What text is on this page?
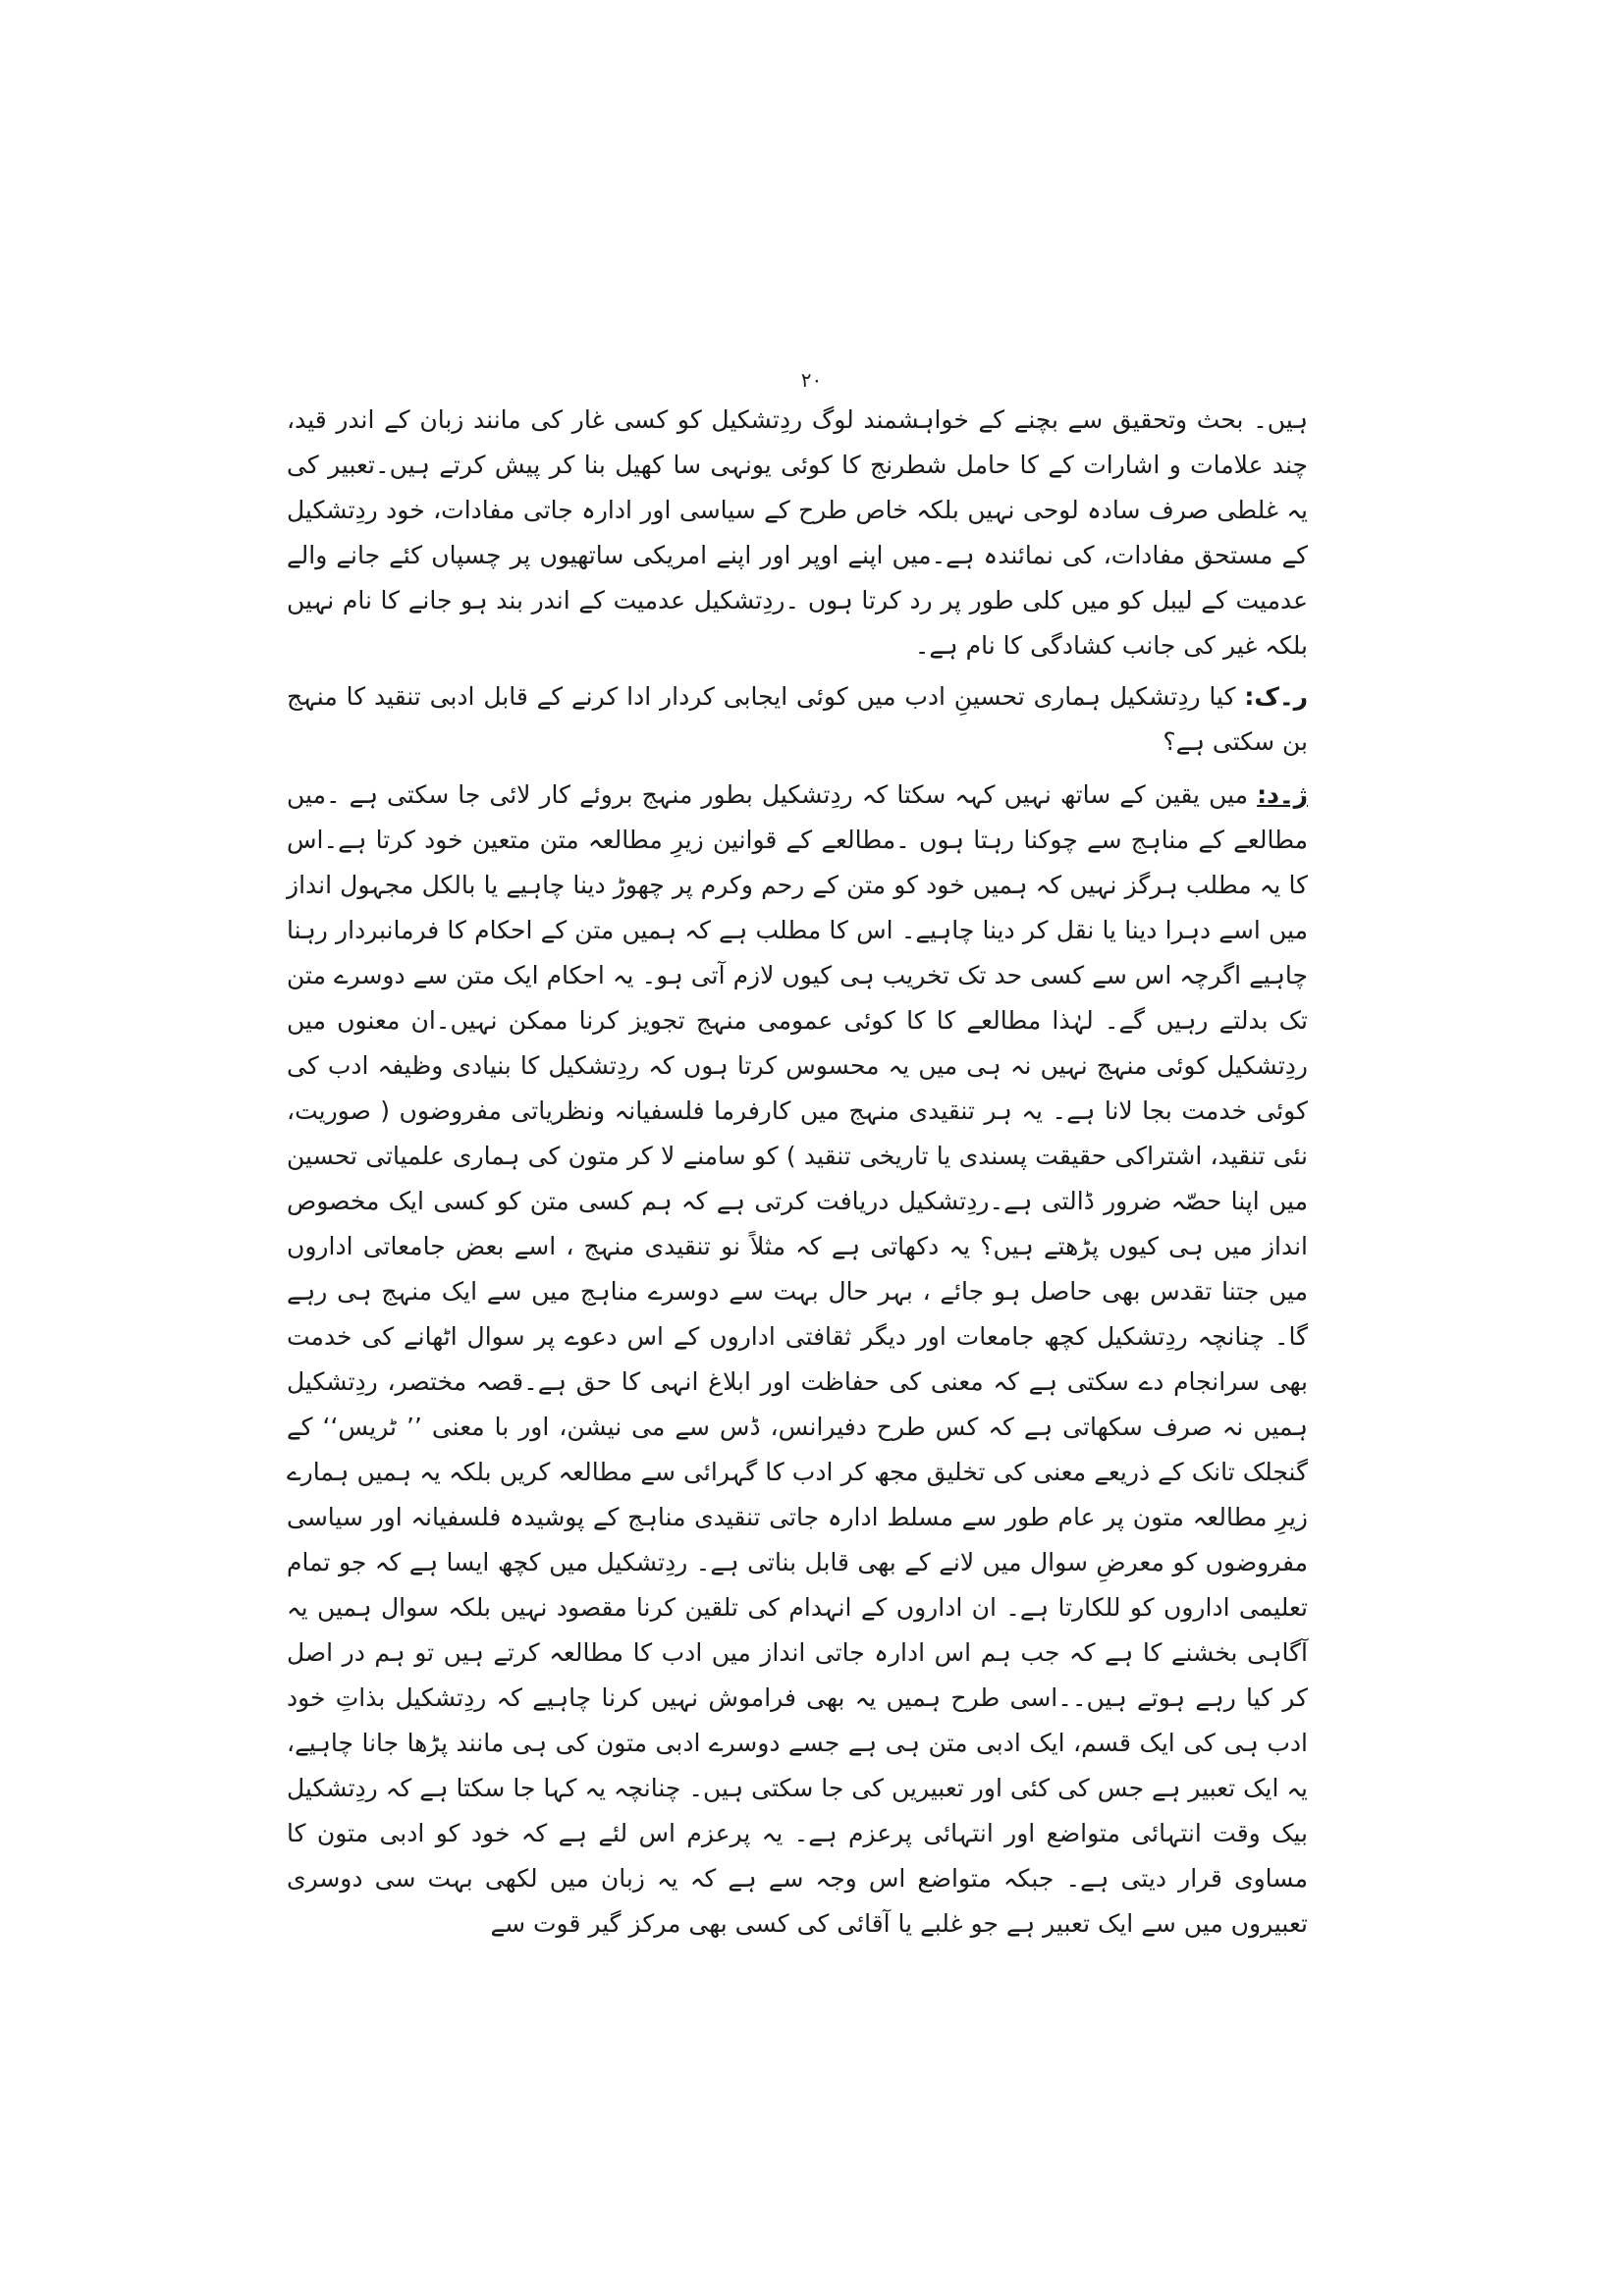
۲۰

ہیں۔ بحث وتحقیق سے بچنے کے خواہشمند لوگ ردِتشکیل کو کسی غار کی مانند زبان کے اندر قید، چند علامات و اشارات کے کا حامل شطرنج کا کوئی یونہی سا کھیل بنا کر پیش کرتے ہیں۔تعبیر کی یہ غلطی صرف سادہ لوحی نہیں بلکہ خاص طرح کے سیاسی اور ادارہ جاتی مفادات، خود ردِتشکیل کے مستحق مفادات، کی نمائندہ ہے۔میں اپنے اوپر اور اپنے امریکی ساتھیوں پر چسپاں کئے جانے والے عدمیت کے لیبل کو میں کلی طور پر رد کرتا ہوں ۔ردِتشکیل عدمیت کے اندر بند ہو جانے کا نام نہیں بلکہ غیر کی جانب کشادگی کا نام ہے۔

ر۔ک: کیا ردِتشکیل ہماری تحسینِ ادب میں کوئی ایجابی کردار ادا کرنے کے قابل ادبی تنقید کا منہج بن سکتی ہے؟

ژ۔د: میں یقین کے ساتھ نہیں کہہ سکتا کہ ردِتشکیل بطور منہج بروئے کار لائی جا سکتی ہے ۔میں مطالعے کے مناہج سے چوکنا رہتا ہوں ۔مطالعے کے قوانین زیرِ مطالعہ متن متعین خود کرتا ہے۔اس کا یہ مطلب ہرگز نہیں کہ ہمیں خود کو متن کے رحم وکرم پر چھوڑ دینا چاہیے یا بالکل مجہول انداز میں اسے دہرا دینا یا نقل کر دینا چاہیے۔ اس کا مطلب ہے کہ ہمیں متن کے احکام کا فرمانبردار رہنا چاہیے اگرچہ اس سے کسی حد تک تخریب ہی کیوں لازم آتی ہو۔ یہ احکام ایک متن سے دوسرے متن تک بدلتے رہیں گے۔ لہٰذا مطالعے کا کا کوئی عمومی منہج تجویز کرنا ممکن نہیں۔ان معنوں میں ردِتشکیل کوئی منہج نہیں نہ ہی میں یہ محسوس کرتا ہوں کہ ردِتشکیل کا بنیادی وظیفہ ادب کی کوئی خدمت بجا لانا ہے۔ یہ ہر تنقیدی منہج میں کارفرما فلسفیانہ ونظریاتی مفروضوں ( صوریت، نئی تنقید، اشتراکی حقیقت پسندی یا تاریخی تنقید ) کو سامنے لا کر متون کی ہماری علمیاتی تحسین میں اپنا حصّہ ضرور ڈالتی ہے۔ردِتشکیل دریافت کرتی ہے کہ ہم کسی متن کو کسی ایک مخصوص انداز میں ہی کیوں پڑھتے ہیں؟ یہ دکھاتی ہے کہ مثلاً نو تنقیدی منہج ، اسے بعض جامعاتی اداروں میں جتنا تقدس بھی حاصل ہو جائے ، بہر حال بہت سے دوسرے مناہج میں سے ایک منہج ہی رہے گا۔ چنانچہ ردِتشکیل کچھ جامعات اور دیگر ثقافتی اداروں کے اس دعوے پر سوال اٹھانے کی خدمت بھی سرانجام دے سکتی ہے کہ معنی کی حفاظت اور ابلاغ انہی کا حق ہے۔قصہ مختصر، ردِتشکیل ہمیں نہ صرف سکھاتی ہے کہ کس طرح دفیرانس، ڈس سے می نیشن، اور با معنی ’’ ٹریس‘‘ کے گنجلک تانک کے ذریعے معنی کی تخلیق مجھ کر ادب کا گہرائی سے مطالعہ کریں بلکہ یہ ہمیں ہمارے زیرِ مطالعہ متون پر عام طور سے مسلط ادارہ جاتی تنقیدی مناہج کے پوشیدہ فلسفیانہ اور سیاسی مفروضوں کو معرضِ سوال میں لانے کے بھی قابل بناتی ہے۔ ردِتشکیل میں کچھ ایسا ہے کہ جو تمام تعلیمی اداروں کو للکارتا ہے۔ ان اداروں کے انہدام کی تلقین کرنا مقصود نہیں بلکہ سوال ہمیں یہ آگاہی بخشنے کا ہے کہ جب ہم اس ادارہ جاتی انداز میں ادب کا مطالعہ کرتے ہیں تو ہم در اصل کر کیا رہے ہوتے ہیں۔۔اسی طرح ہمیں یہ بھی فراموش نہیں کرنا چاہیے کہ ردِتشکیل بذاتِ خود ادب ہی کی ایک قسم، ایک ادبی متن ہی ہے جسے دوسرے ادبی متون کی ہی مانند پڑھا جانا چاہیے، یہ ایک تعبیر ہے جس کی کئی اور تعبیریں کی جا سکتی ہیں۔ چنانچہ یہ کہا جا سکتا ہے کہ ردِتشکیل بیک وقت انتہائی متواضع اور انتہائی پرعزم ہے۔ یہ پرعزم اس لئے ہے کہ خود کو ادبی متون کا مساوی قرار دیتی ہے۔ جبکہ متواضع اس وجہ سے ہے کہ یہ زبان میں لکھی بہت سی دوسری تعبیروں میں سے ایک تعبیر ہے جو غلبے یا آقائی کی کسی بھی مرکز گیر قوت سے
